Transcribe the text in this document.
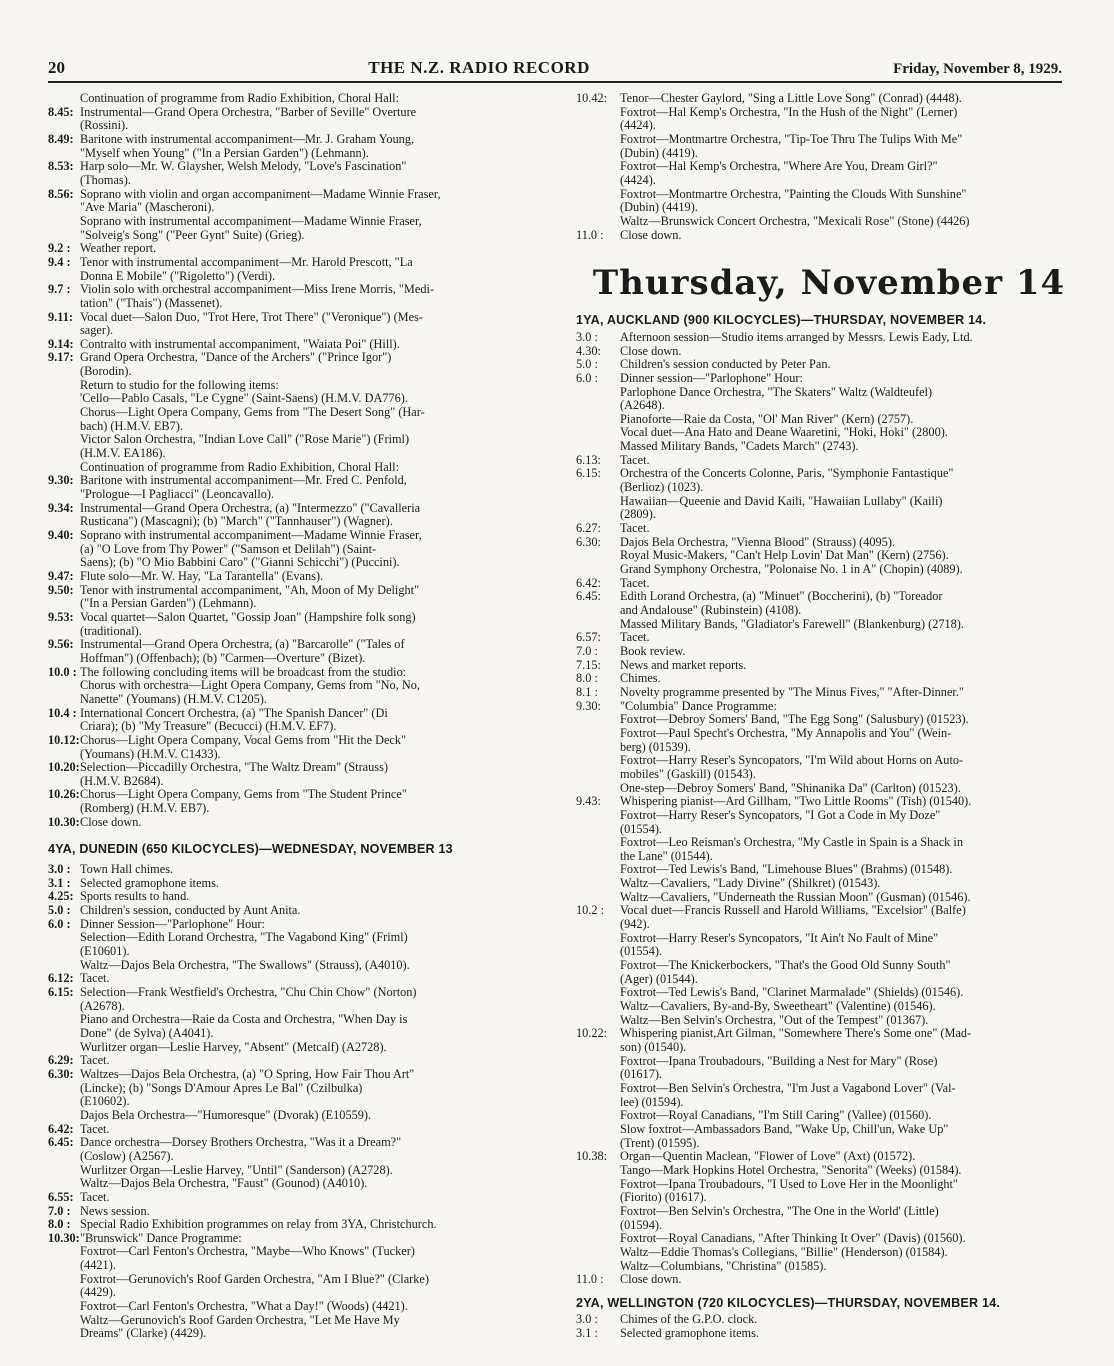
20	THE N.Z. RADIO RECORD	Friday, November 8, 1929.
Continuation of programme from Radio Exhibition, Choral Hall:
8.45: Instrumental—Grand Opera Orchestra, "Barber of Seville" Overture
(Rossini).
8.49: Baritone with instrumental accompaniment—Mr. J. Graham Young,
"Myself when Young" ("In a Persian Garden") (Lehmann).
8.53: Harp solo—Mr. W. Glaysher, Welsh Melody, "Love's Fascination"
(Thomas).
8.56: Soprano with violin and organ accompaniment—Madame Winnie Fraser,
"Ave Maria" (Mascheroni).
Soprano with instrumental accompaniment—Madame Winnie Fraser,
"Solveig's Song" ("Peer Gynt" Suite) (Grieg).
9.2 : Weather report.
9.4 : Tenor with instrumental accompaniment—Mr. Harold Prescott, "La
Donna E Mobile" ("Rigoletto") (Verdi).
9.7 : Violin solo with orchestral accompaniment—Miss Irene Morris, "Medi-
tation" ("Thais") (Massenet).
9.11: Vocal duet—Salon Duo, "Trot Here, Trot There" ("Veronique") (Mes-
sager).
9.14: Contralto with instrumental accompaniment, "Waiata Poi" (Hill).
9.17: Grand Opera Orchestra, "Dance of the Archers" ("Prince Igor")
(Borodin).
Return to studio for the following items:
'Cello—Pablo Casals, "Le Cygne" (Saint-Saens) (H.M.V. DA776).
Chorus—Light Opera Company, Gems from "The Desert Song" (Har-
bach) (H.M.V. EB7).
Victor Salon Orchestra, "Indian Love Call" ("Rose Marie") (Friml)
(H.M.V. EA186).
Continuation of programme from Radio Exhibition, Choral Hall:
9.30: Baritone with instrumental accompaniment—Mr. Fred C. Penfold,
"Prologue—I Pagliacci" (Leoncavallo).
9.34: Instrumental—Grand Opera Orchestra, (a) "Intermezzo" ("Cavalleria
Rusticana") (Mascagni); (b) "March" ("Tannhauser") (Wagner).
9.40: Soprano with instrumental accompaniment—Madame Winnie Fraser,
(a) "O Love from Thy Power" ("Samson et Delilah") (Saint-
Saens); (b) "O Mio Babbini Caro" ("Gianni Schicchi") (Puccini).
9.47: Flute solo—Mr. W. Hay, "La Tarantella" (Evans).
9.50: Tenor with instrumental accompaniment, "Ah, Moon of My Delight"
("In a Persian Garden") (Lehmann).
9.53: Vocal quartet—Salon Quartet, "Gossip Joan" (Hampshire folk song)
(traditional).
9.56: Instrumental—Grand Opera Orchestra, (a) "Barcarolle" ("Tales of
Hoffman") (Offenbach); (b) "Carmen—Overture" (Bizet).
10.0 : The following concluding items will be broadcast from the studio:
Chorus with orchestra—Light Opera Company, Gems from "No, No,
Nanette" (Youmans) (H.M.V. C1205).
10.4 : International Concert Orchestra, (a) "The Spanish Dancer" (Di
Criara); (b) "My Treasure" (Becucci) (H.M.V. EF7).
10.12: Chorus—Light Opera Company, Vocal Gems from "Hit the Deck"
(Youmans) (H.M.V. C1433).
10.20: Selection—Piccadilly Orchestra, "The Waltz Dream" (Strauss)
(H.M.V. B2684).
10.26: Chorus—Light Opera Company, Gems from "The Student Prince"
(Romberg) (H.M.V. EB7).
10.30: Close down.
4YA, DUNEDIN (650 KILOCYCLES)—WEDNESDAY, NOVEMBER 13
3.0 : Town Hall chimes.
3.1 : Selected gramophone items.
4.25: Sports results to hand.
5.0 : Children's session, conducted by Aunt Anita.
6.0 : Dinner Session—"Parlophone" Hour:
Selection—Edith Lorand Orchestra, "The Vagabond King" (Friml)
(E10601).
Waltz—Dajos Bela Orchestra, "The Swallows" (Strauss), (A4010).
6.12: Tacet.
6.15: Selection—Frank Westfield's Orchestra, "Chu Chin Chow" (Norton)
(A2678).
Piano and Orchestra—Raie da Costa and Orchestra, "When Day is
Done" (de Sylva) (A4041).
Wurlitzer organ—Leslie Harvey, "Absent" (Metcalf) (A2728).
6.29: Tacet.
6.30: Waltzes—Dajos Bela Orchestra, (a) "O Spring, How Fair Thou Art"
(Lincke); (b) "Songs D'Amour Apres Le Bal" (Czilbulka)
(E10602).
Dajos Bela Orchestra—"Humoresque" (Dvorak) (E10559).
6.42: Tacet.
6.45: Dance orchestra—Dorsey Brothers Orchestra, "Was it a Dream?"
(Coslow) (A2567).
Wurlitzer Organ—Leslie Harvey, "Until" (Sanderson) (A2728).
Waltz—Dajos Bela Orchestra, "Faust" (Gounod) (A4010).
6.55: Tacet.
7.0 : News session.
8.0 : Special Radio Exhibition programmes on relay from 3YA, Christchurch.
10.30: "Brunswick" Dance Programme:
Foxtrot—Carl Fenton's Orchestra, "Maybe—Who Knows" (Tucker)
(4421).
Foxtrot—Gerunovich's Roof Garden Orchestra, "Am I Blue?" (Clarke)
(4429).
Foxtrot—Carl Fenton's Orchestra, "What a Day!" (Woods) (4421).
Waltz—Gerunovich's Roof Garden Orchestra, "Let Me Have My
Dreams" (Clarke) (4429).
10.42:	Tenor—Chester Gaylord, "Sing a Little Love Song" (Conrad) (4448).
Foxtrot—Hal Kemp's Orchestra, "In the Hush of the Night" (Lerner)
(4424).
Foxtrot—Montmartre Orchestra, "Tip-Toe Thru The Tulips With Me"
(Dubin) (4419).
Foxtrot—Hal Kemp's Orchestra, "Where Are You, Dream Girl?"
(4424).
Foxtrot—Montmartre Orchestra, "Painting the Clouds With Sunshine"
(Dubin) (4419).
Waltz—Brunswick Concert Orchestra, "Mexicali Rose" (Stone) (4426)
11.0 :	Close down.
Thursday, November 14
1YA, AUCKLAND (900 KILOCYCLES)—THURSDAY, NOVEMBER 14.
3.0 :	Afternoon session—Studio items arranged by Messrs. Lewis Eady, Ltd.
4.30:	Close down.
5.0 :	Children's session conducted by Peter Pan.
6.0 :	Dinner session—"Parlophone" Hour:
Parlophone Dance Orchestra, "The Skaters" Waltz (Waldteufel)
(A2648).
Pianoforte—Raie da Costa, "Ol' Man River" (Kern) (2757).
Vocal duet—Ana Hato and Deane Waaretini, "Hoki, Hoki" (2800).
Massed Military Bands, "Cadets March" (2743).
6.13:	Tacet.
6.15:	Orchestra of the Concerts Colonne, Paris, "Symphonie Fantastique"
(Berlioz) (1023).
Hawaiian—Queenie and David Kaili, "Hawaiian Lullaby" (Kaili)
(2809).
6.27:	Tacet.
6.30:	Dajos Bela Orchestra, "Vienna Blood" (Strauss) (4095).
Royal Music-Makers, "Can't Help Lovin' Dat Man" (Kern) (2756).
Grand Symphony Orchestra, "Polonaise No. 1 in A" (Chopin) (4089).
6.42:	Tacet.
6.45:	Edith Lorand Orchestra, (a) "Minuet" (Boccherini), (b) "Toreador
and Andalouse" (Rubinstein) (4108).
Massed Military Bands, "Gladiator's Farewell" (Blankenburg) (2718).
6.57:	Tacet.
7.0 :	Book review.
7.15:	News and market reports.
8.0 :	Chimes.
8.1 :	Novelty programme presented by "The Minus Fives," "After-Dinner."
9.30:	"Columbia" Dance Programme:
Foxtrot—Debroy Somers' Band, "The Egg Song" (Salusbury) (01523).
Foxtrot—Paul Specht's Orchestra, "My Annapolis and You" (Wein-
berg) (01539).
Foxtrot—Harry Reser's Syncopators, "I'm Wild about Horns on Auto-
mobiles" (Gaskill) (01543).
One-step—Debroy Somers' Band, "Shinanika Da" (Carlton) (01523).
9.43:	Whispering pianist—Ard Gillham, "Two Little Rooms" (Tish) (01540).
Foxtrot—Harry Reser's Syncopators, "I Got a Code in My Doze"
(01554).
Foxtrot—Leo Reisman's Orchestra, "My Castle in Spain is a Shack in
the Lane" (01544).
Foxtrot—Ted Lewis's Band, "Limehouse Blues" (Brahms) (01548).
Waltz—Cavaliers, "Lady Divine" (Shilkret) (01543).
Waltz—Cavaliers, "Underneath the Russian Moon" (Gusman) (01546).
10.2 :	Vocal duet—Francis Russell and Harold Williams, "Excelsior" (Balfe)
(942).
Foxtrot—Harry Reser's Syncopators, "It Ain't No Fault of Mine"
(01554).
Foxtrot—The Knickerbockers, "That's the Good Old Sunny South"
(Ager) (01544).
Foxtrot—Ted Lewis's Band, "Clarinet Marmalade" (Shields) (01546).
Waltz—Cavaliers, By-and-By, Sweetheart" (Valentine) (01546).
Waltz—Ben Selvin's Orchestra, "Out of the Tempest" (01367).
10.22:	Whispering pianist,Art Gilman, "Somewhere There's Some one" (Mad-
son) (01540).
Foxtrot—Ipana Troubadours, "Building a Nest for Mary" (Rose)
(01617).
Foxtrot—Ben Selvin's Orchestra, "I'm Just a Vagabond Lover" (Val-
lee) (01594).
Foxtrot—Royal Canadians, "I'm Still Caring" (Vallee) (01560).
Slow foxtrot—Ambassadors Band, "Wake Up, Chill'un, Wake Up"
(Trent) (01595).
10.38:	Organ—Quentin Maclean, "Flower of Love" (Axt) (01572).
Tango—Mark Hopkins Hotel Orchestra, "Senorita" (Weeks) (01584).
Foxtrot—Ipana Troubadours, "I Used to Love Her in the Moonlight"
(Fiorito) (01617).
Foxtrot—Ben Selvin's Orchestra, "The One in the World' (Little)
(01594).
Foxtrot—Royal Canadians, "After Thinking It Over" (Davis) (01560).
Waltz—Eddie Thomas's Collegians, "Billie" (Henderson) (01584).
Waltz—Columbians, "Christina" (01585).
11.0 :	Close down.
2YA, WELLINGTON (720 KILOCYCLES)—THURSDAY, NOVEMBER 14.
3.0 :	Chimes of the G.P.O. clock.
3.1 :	Selected gramophone items.
